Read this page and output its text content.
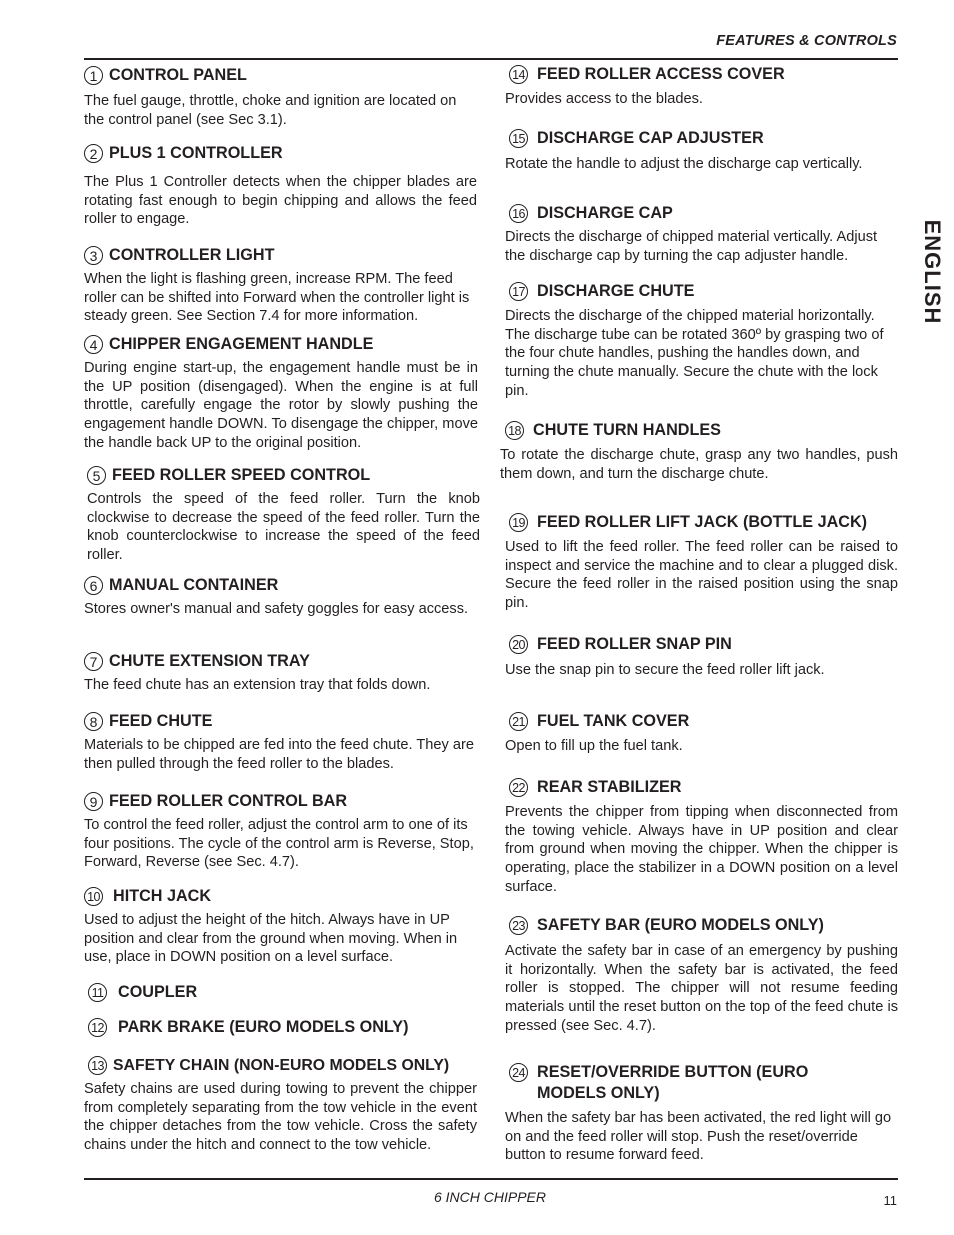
FEATURES & CONTROLS
ENGLISH
1 CONTROL PANEL

The fuel gauge, throttle, choke and ignition are located on the control panel (see Sec 3.1).

2 PLUS 1 CONTROLLER

The Plus 1 Controller detects when the chipper blades are rotating fast enough to begin chipping and allows the feed roller to engage.

3 CONTROLLER LIGHT

When the light is flashing green, increase RPM. The feed roller can be shifted into Forward when the controller light is steady green. See Section 7.4 for more information.

4 CHIPPER ENGAGEMENT HANDLE

During engine start-up, the engagement handle must be in the UP position (disengaged). When the engine is at full throttle, carefully engage the rotor by slowly pushing the engagement handle DOWN. To disengage the chipper, move the handle back UP to the original position.

5 FEED ROLLER SPEED CONTROL

Controls the speed of the feed roller. Turn the knob clockwise to decrease the speed of the feed roller. Turn the knob counterclockwise to increase the speed of the feed roller.

6 MANUAL CONTAINER

Stores owner's manual and safety goggles for easy access.

7 CHUTE EXTENSION TRAY

The feed chute has an extension tray that folds down.

8 FEED CHUTE

Materials to be chipped are fed into the feed chute. They are then pulled through the feed roller to the blades.

9 FEED ROLLER CONTROL BAR

To control the feed roller, adjust the control arm to one of its four positions. The cycle of the control arm is Reverse, Stop, Forward, Reverse (see Sec. 4.7).

10 HITCH JACK

Used to adjust the height of the hitch. Always have in UP position and clear from the ground when moving. When in use, place in DOWN position on a level surface.

11 COUPLER
12 PARK BRAKE (EURO MODELS ONLY)
13 SAFETY CHAIN (NON-EURO MODELS ONLY)

Safety chains are used during towing to prevent the chipper from completely separating from the tow vehicle in the event the chipper detaches from the tow vehicle. Cross the safety chains under the hitch and connect to the tow vehicle.

14 FEED ROLLER ACCESS COVER

Provides access to the blades.

15 DISCHARGE CAP ADJUSTER

Rotate the handle to adjust the discharge cap vertically.

16 DISCHARGE CAP

Directs the discharge of chipped material vertically. Adjust the discharge cap by turning the cap adjuster handle.

17 DISCHARGE CHUTE

Directs the discharge of the chipped material horizontally. The discharge tube can be rotated 360º by grasping two of the four chute handles, pushing the handles down, and turning the chute manually. Secure the chute with the lock pin.

18 CHUTE TURN HANDLES

To rotate the discharge chute, grasp any two handles, push them down, and turn the discharge chute.

19 FEED ROLLER LIFT JACK (BOTTLE JACK)

Used to lift the feed roller. The feed roller can be raised to inspect and service the machine and to clear a plugged disk. Secure the feed roller in the raised position using the snap pin.

20 FEED ROLLER SNAP PIN

Use the snap pin to secure the feed roller lift jack.

21 FUEL TANK COVER

Open to fill up the fuel tank.

22 REAR STABILIZER

Prevents the chipper from tipping when disconnected from the towing vehicle. Always have in UP position and clear from ground when moving the chipper. When the chipper is operating, place the stabilizer in a DOWN position on a level surface.

23 SAFETY BAR (EURO MODELS ONLY)

Activate the safety bar in case of an emergency by pushing it horizontally. When the safety bar is activated, the feed roller is stopped. The chipper will not resume feeding materials until the reset button on the top of the feed chute is pressed (see Sec. 4.7).

24 RESET/OVERRIDE BUTTON (EURO MODELS ONLY)

When the safety bar has been activated, the red light will go on and the feed roller will stop. Push the reset/override button to resume forward feed.

6 INCH CHIPPER	11
